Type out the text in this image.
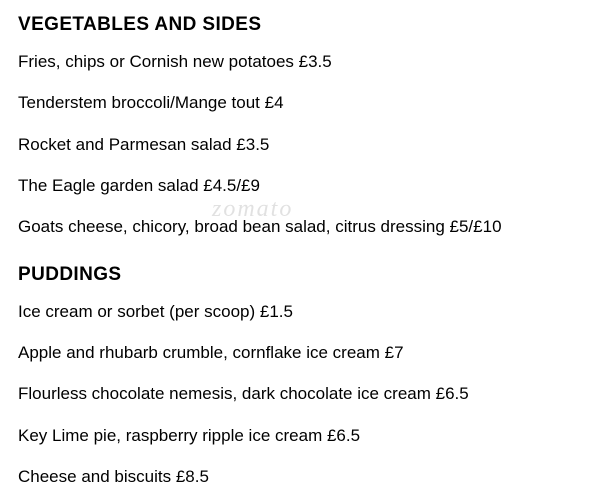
VEGETABLES AND SIDES

Fries, chips or Cornish new potatoes £3.5

Tenderstem broccoli/Mange tout £4

Rocket and Parmesan salad £3.5

The Eagle garden salad £4.5/£9

Goats cheese, chicory, broad bean salad, citrus dressing £5/£10

PUDDINGS

Ice cream or sorbet (per scoop) £1.5

Apple and rhubarb crumble, cornflake ice cream £7

Flourless chocolate nemesis, dark chocolate ice cream £6.5

Key Lime pie, raspberry ripple ice cream £6.5

Cheese and biscuits £8.5

zomato
